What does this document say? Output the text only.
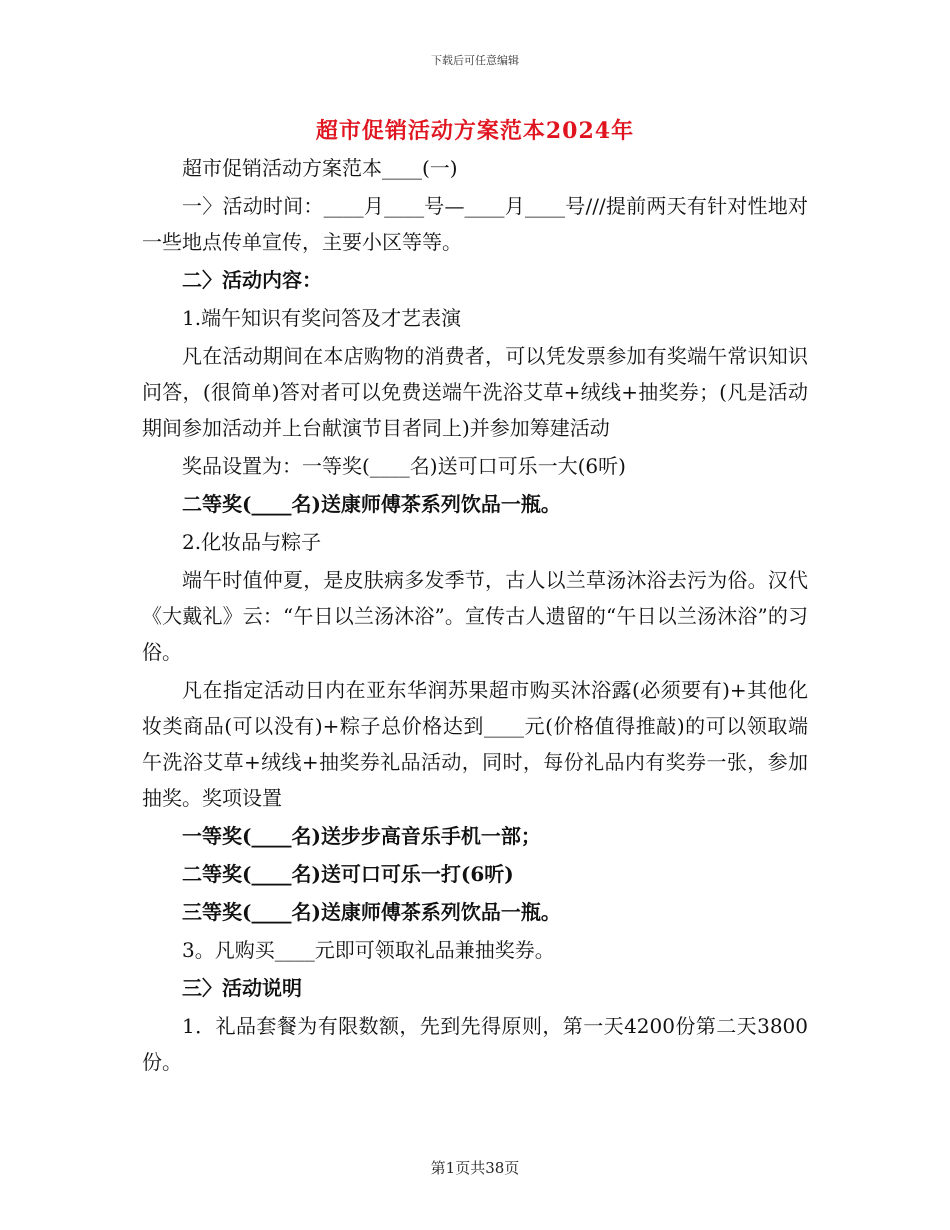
下载后可任意编辑
超市促销活动方案范本2024年

超市促销活动方案范本____(一)

一〉活动时间：____月____号—____月____号///提前两天有针对性地对一些地点传单宣传，主要小区等等。

二〉活动内容：

1.端午知识有奖问答及才艺表演

凡在活动期间在本店购物的消费者，可以凭发票参加有奖端午常识知识问答，(很简单)答对者可以免费送端午洗浴艾草+绒线+抽奖券；(凡是活动期间参加活动并上台献演节目者同上)并参加筹建活动

奖品设置为：一等奖(____名)送可口可乐一大(6听)

二等奖(____名)送康师傅茶系列饮品一瓶。

2.化妆品与粽子

端午时值仲夏，是皮肤病多发季节，古人以兰草汤沐浴去污为俗。汉代《大戴礼》云：“午日以兰汤沐浴”。宣传古人遗留的“午日以兰汤沐浴”的习俗。

凡在指定活动日内在亚东华润苏果超市购买沐浴露(必须要有)+其他化妆类商品(可以没有)+粽子总价格达到____元(价格值得推敲)的可以领取端午洗浴艾草+绒线+抽奖券礼品活动，同时，每份礼品内有奖券一张，参加抽奖。奖项设置

一等奖(____名)送步步高音乐手机一部；

二等奖(____名)送可口可乐一打(6听)

三等奖(____名)送康师傅茶系列饮品一瓶。

3。凡购买____元即可领取礼品兼抽奖券。

三〉活动说明

1．礼品套餐为有限数额，先到先得原则，第一天4200份第二天3800份。

第1页共38页
